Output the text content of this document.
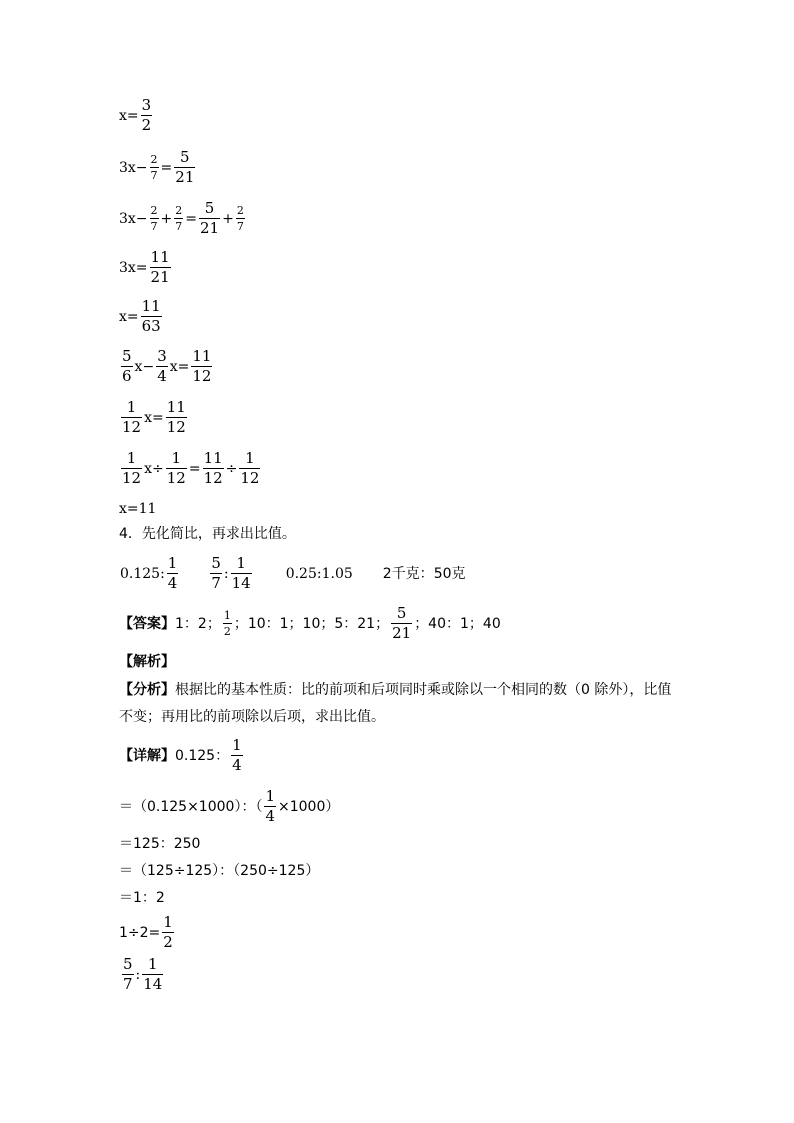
$x= \frac{3}{2}$
$3x- \frac{2}{7} = \frac{5}{21}$
$3x- \frac{2}{7} + \frac{2}{7} = \frac{5}{21} + \frac{2}{7}$
$3x= \frac{11}{21}$
$x= \frac{11}{63}$
$\frac{5}{6} x- \frac{3}{4} x= \frac{11}{12}$
$\frac{1}{12} x= \frac{11}{12}$
$\frac{1}{12} x\div \frac{1}{12} = \frac{11}{12} \div \frac{1}{12}$
x=11
4．先化简比，再求出比值。
0.125: $\frac{1}{4} \frac{5}{7}$ : $\frac{1}{14}$ 0.25:1.05 2千克：50克
【答案】 1：2； $\frac{1}{2}$ ；10：1；10；5：21； $\frac{5}{21}$ ；40：1；40
【解析】
【分析】根据比的基本性质：比的前项和后项同时乘或除以一个相同的数（0 除外），比值
不变；再用比的前项除以后项，求出比值。
【详解】 0.125： $\frac{1}{4}$
＝（0.125×1000）：（ $\frac{1}{4} \times 1000$）
＝125：250
＝（125÷125）：（250÷125）
＝1：2
$1\div 2= \frac{1}{2}$
$\frac{5}{7}$ : $\frac{1}{14}$
